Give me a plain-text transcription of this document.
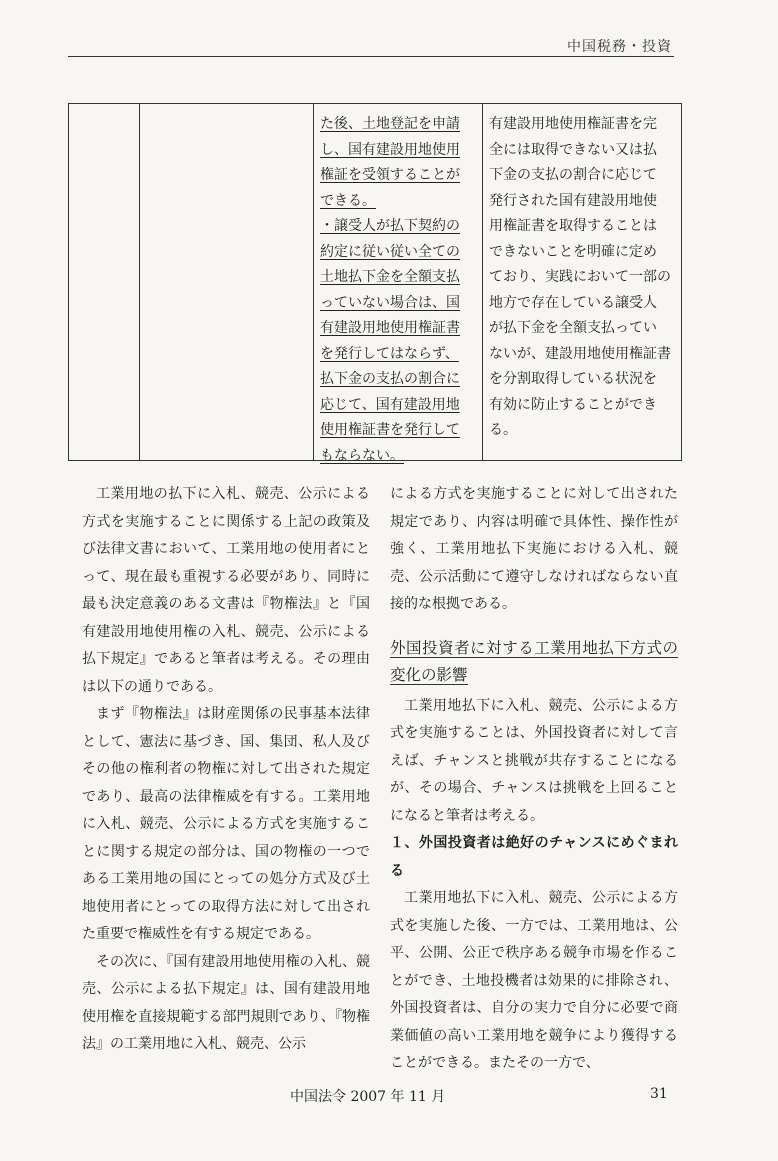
中国税務・投資
た後、土地登記を申請
し、国有建設用地使用
権証を受領することが
できる。
・譲受人が払下契約の
約定に従い従い全ての
土地払下金を全額支払
っていない場合は、国
有建設用地使用権証書
を発行してはならず、
払下金の支払の割合に
応じて、国有建設用地
使用権証書を発行して
もならない。
有建設用地使用権証書を完
全には取得できない又は払
下金の支払の割合に応じて
発行された国有建設用地使
用権証書を取得することは
できないことを明確に定め
ており、実践において一部の
地方で存在している譲受人
が払下金を全額支払ってい
ないが、建設用地使用権証書
を分割取得している状況を
有効に防止することができ
る。

工業用地の払下に入札、競売、公示による方式を実施することに関係する上記の政策及び法律文書において、工業用地の使用者にとって、現在最も重視する必要があり、同時に最も決定意義のある文書は『物権法』と『国有建設用地使用権の入札、競売、公示による払下規定』であると筆者は考える。その理由は以下の通りである。

まず『物権法』は財産関係の民事基本法律として、憲法に基づき、国、集団、私人及びその他の権利者の物権に対して出された規定であり、最高の法律権威を有する。工業用地に入札、競売、公示による方式を実施することに関する規定の部分は、国の物権の一つである工業用地の国にとっての処分方式及び土地使用者にとっての取得方法に対して出された重要で権威性を有する規定である。

その次に、『国有建設用地使用権の入札、競売、公示による払下規定』は、国有建設用地使用権を直接規範する部門規則であり、『物権法』の工業用地に入札、競売、公示

による方式を実施することに対して出された規定であり、内容は明確で具体性、操作性が強く、工業用地払下実施における入札、競売、公示活動にて遵守しなければならない直接的な根拠である。

外国投資者に対する工業用地払下方式の変化の影響

工業用地払下に入札、競売、公示による方式を実施することは、外国投資者に対して言えば、チャンスと挑戦が共存することになるが、その場合、チャンスは挑戦を上回ることになると筆者は考える。

１、外国投資者は絶好のチャンスにめぐまれる

工業用地払下に入札、競売、公示による方式を実施した後、一方では、工業用地は、公平、公開、公正で秩序ある競争市場を作ることができ、土地投機者は効果的に排除され、外国投資者は、自分の実力で自分に必要で商業価値の高い工業用地を競争により獲得することができる。またその一方で、

中国法令 2007 年 11 月	31
